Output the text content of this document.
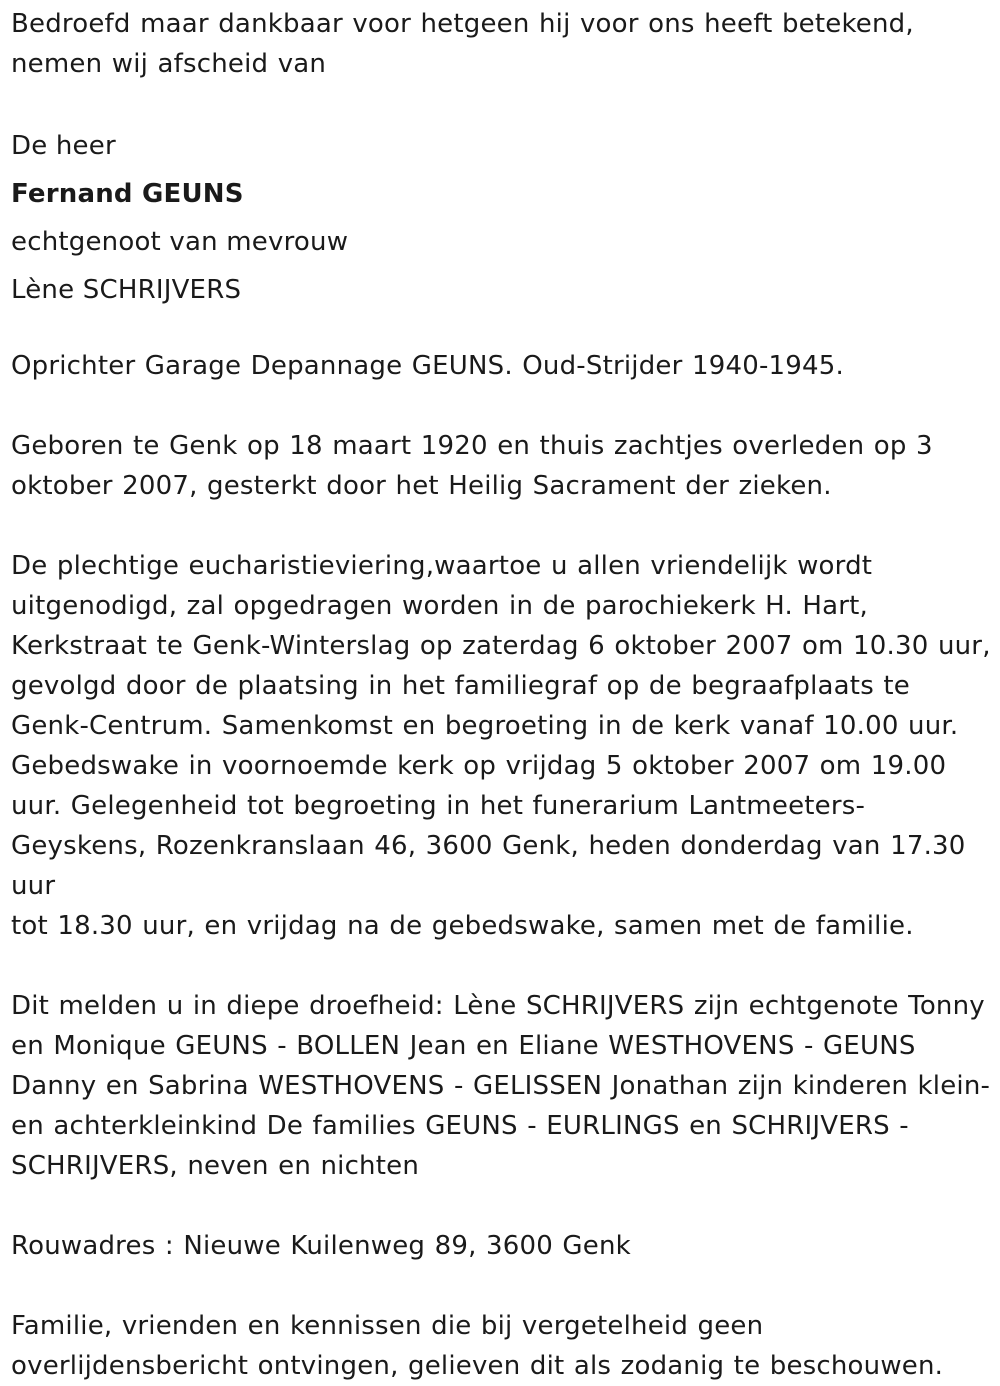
Bedroefd maar dankbaar voor hetgeen hij voor ons heeft betekend,
nemen wij afscheid van

De heer

Fernand GEUNS

echtgenoot van mevrouw

Lène SCHRIJVERS

Oprichter Garage Depannage GEUNS. Oud-Strijder 1940-1945.

Geboren te Genk op 18 maart 1920 en thuis zachtjes overleden op 3
oktober 2007, gesterkt door het Heilig Sacrament der zieken.

De plechtige eucharistieviering,waartoe u allen vriendelijk wordt
uitgenodigd, zal opgedragen worden in de parochiekerk H. Hart,
Kerkstraat te Genk-Winterslag op zaterdag 6 oktober 2007 om 10.30 uur,
gevolgd door de plaatsing in het familiegraf op de begraafplaats te
Genk-Centrum. Samenkomst en begroeting in de kerk vanaf 10.00 uur.
Gebedswake in voornoemde kerk op vrijdag 5 oktober 2007 om 19.00
uur. Gelegenheid tot begroeting in het funerarium Lantmeeters-
Geyskens, Rozenkranslaan 46, 3600 Genk, heden donderdag van 17.30 uur
tot 18.30 uur, en vrijdag na de gebedswake, samen met de familie.

Dit melden u in diepe droefheid: Lène SCHRIJVERS zijn echtgenote Tonny
en Monique GEUNS - BOLLEN Jean en Eliane WESTHOVENS - GEUNS
Danny en Sabrina WESTHOVENS - GELISSEN Jonathan zijn kinderen klein-
en achterkleinkind De families GEUNS - EURLINGS en SCHRIJVERS -
SCHRIJVERS, neven en nichten

Rouwadres : Nieuwe Kuilenweg 89, 3600 Genk

Familie, vrienden en kennissen die bij vergetelheid geen
overlijdensbericht ontvingen, gelieven dit als zodanig te beschouwen.
